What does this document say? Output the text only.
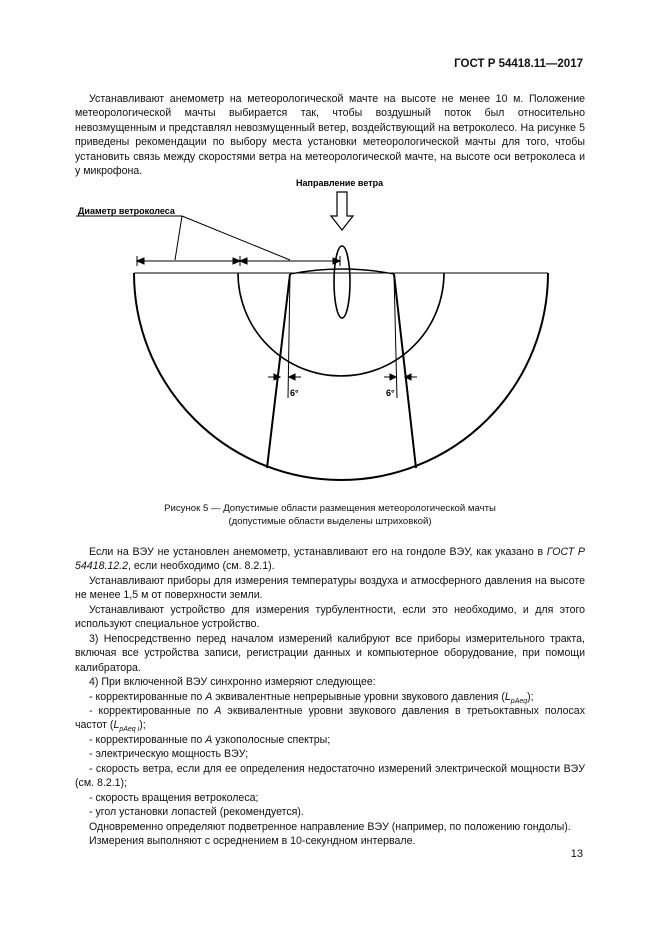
ГОСТ Р 54418.11—2017

Устанавливают анемометр на метеорологической мачте на высоте не менее 10 м. Положение метеорологической мачты выбирается так, чтобы воздушный поток был относительно невозмущенным и представлял невозмущенный ветер, воздействующий на ветроколесо. На рисунке 5 приведены рекомендации по выбору места установки метеорологической мачты для того, чтобы установить связь между скоростями ветра на метеорологической мачте, на высоте оси ветроколеса и у микрофона.

Направление ветра
Диаметр ветроколеса
6°	6°
Рисунок 5 — Допустимые области размещения метеорологической мачты
(допустимые области выделены штриховкой)

Если на ВЭУ не установлен анемометр, устанавливают его на гондоле ВЭУ, как указано в ГОСТ Р 54418.12.2, если необходимо (см. 8.2.1).

Устанавливают приборы для измерения температуры воздуха и атмосферного давления на высоте не менее 1,5 м от поверхности земли.

Устанавливают устройство для измерения турбулентности, если это необходимо, и для этого используют специальное устройство.

3) Непосредственно перед началом измерений калибруют все приборы измерительного тракта, включая все устройства записи, регистрации данных и компьютерное оборудование, при помощи калибратора.

4) При включенной ВЭУ синхронно измеряют следующее:

- корректированные по А эквивалентные непрерывные уровни звукового давления $(L_{pAeq})$;

- корректированные по А эквивалентные уровни звукового давления в третьоктавных полосах частот $(L_{pAeq i})$;

- корректированные по А узкополосные спектры;

- электрическую мощность ВЭУ;

- скорость ветра, если для ее определения недостаточно измерений электрической мощности ВЭУ (см. 8.2.1);

- скорость вращения ветроколеса;

- угол установки лопастей (рекомендуется).

Одновременно определяют подветренное направление ВЭУ (например, по положению гондолы).

Измерения выполняют с осреднением в 10-секундном интервале.

13
